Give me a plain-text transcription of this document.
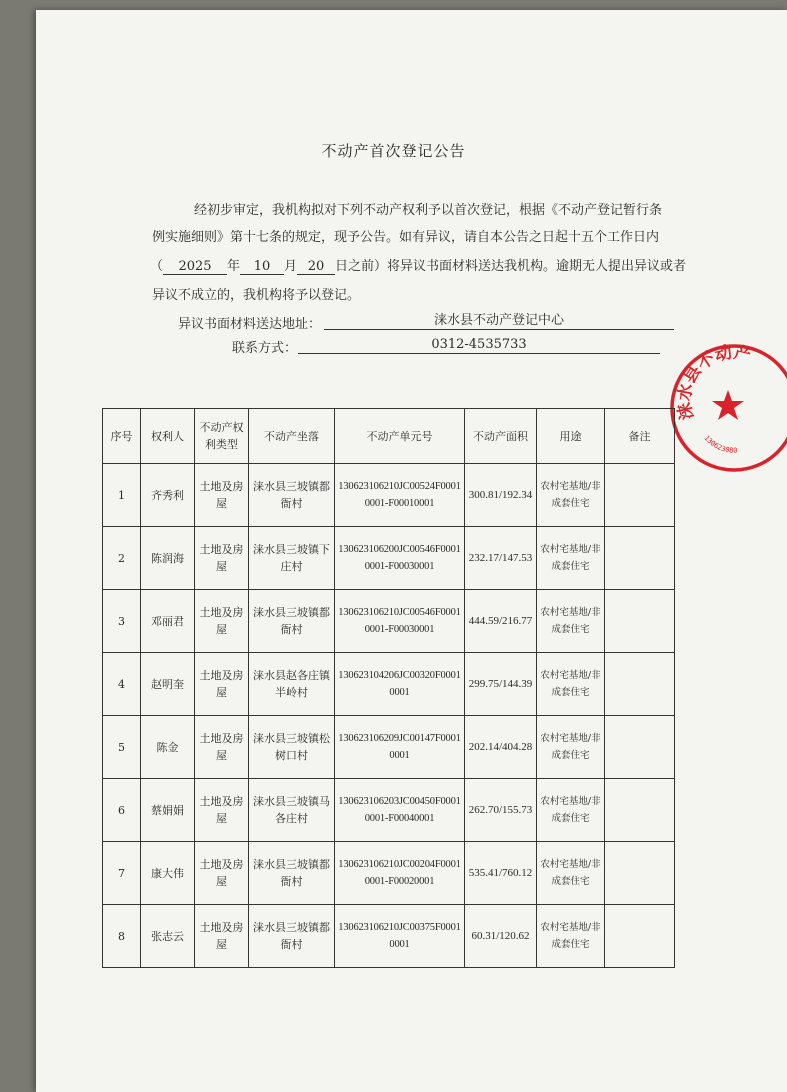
不动产首次登记公告
经初步审定，我机构拟对下列不动产权利予以首次登记，根据《不动产登记暂行条
例实施细则》第十七条的规定，现予公告。如有异议，请自本公告之日起十五个工作日内
（ 2025 年 10 月 20 日之前）将异议书面材料送达我机构。逾期无人提出异议或者
异议不成立的，我机构将予以登记。
异议书面材料送达地址：	涞水县不动产登记中心
联系方式：	0312-4535733
涞水县不动产
130623080
序号	权利人	不动产权利类型	不动产坐落	不动产单元号	不动产面积	用途	备注
1	齐秀利	土地及房屋	涞水县三坡镇都衙村	130623106210JC00524F00010001-F00010001	300.81/192.34	农村宅基地/非成套住宅	
2	陈润海	土地及房屋	涞水县三坡镇下庄村	130623106200JC00546F00010001-F00030001	232.17/147.53	农村宅基地/非成套住宅	
3	邓丽君	土地及房屋	涞水县三坡镇都衙村	130623106210JC00546F00010001-F00030001	444.59/216.77	农村宅基地/非成套住宅	
4	赵明奎	土地及房屋	涞水县赵各庄镇半岭村	130623104206JC00320F00010001	299.75/144.39	农村宅基地/非成套住宅	
5	陈金	土地及房屋	涞水县三坡镇松树口村	130623106209JC00147F00010001	202.14/404.28	农村宅基地/非成套住宅	
6	蔡娟娟	土地及房屋	涞水县三坡镇马各庄村	130623106203JC00450F00010001-F00040001	262.70/155.73	农村宅基地/非成套住宅	
7	康大伟	土地及房屋	涞水县三坡镇都衙村	130623106210JC00204F00010001-F00020001	535.41/760.12	农村宅基地/非成套住宅	
8	张志云	土地及房屋	涞水县三坡镇都衙村	130623106210JC00375F00010001	60.31/120.62	农村宅基地/非成套住宅	
